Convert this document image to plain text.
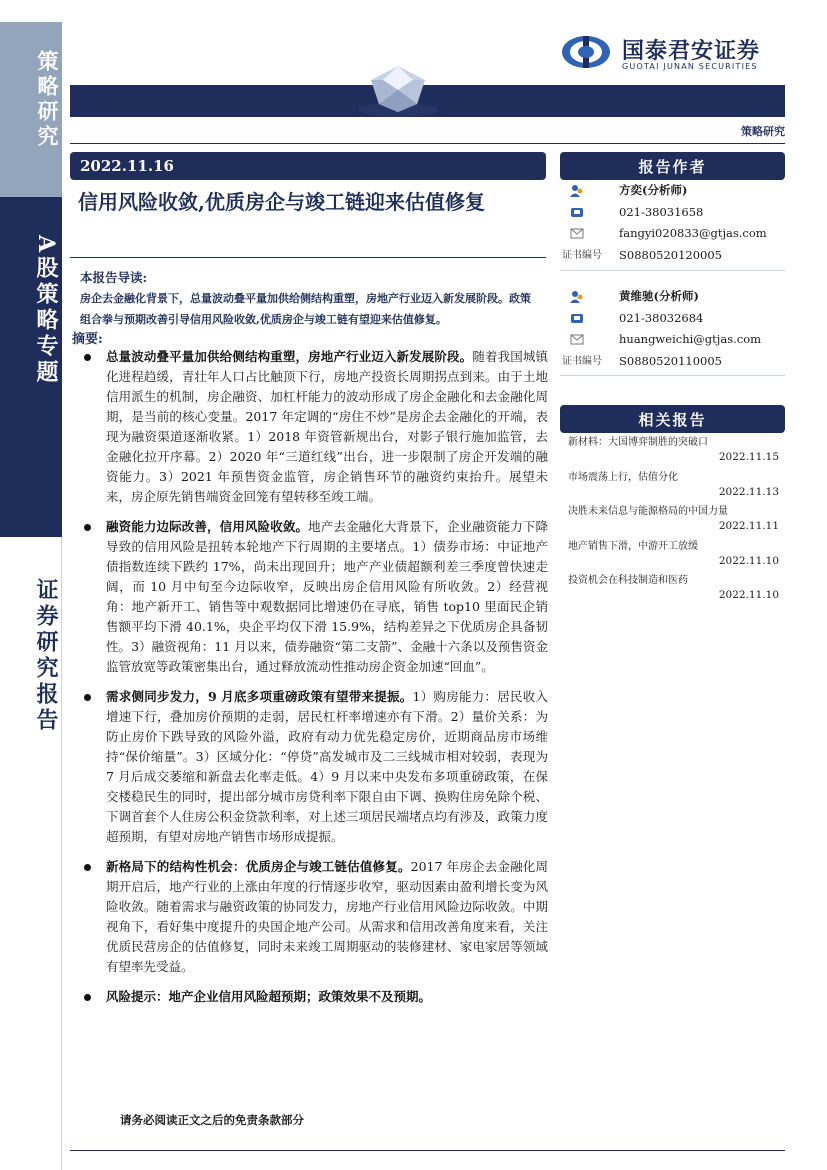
策略研究
A股策略专题
证券研究报告
国泰君安证券
GUOTAI JUNAN SECURITIES
策略研究
2022.11.16
信用风险收敛,优质房企与竣工链迎来估值修复
本报告导读:
房企去金融化背景下，总量波动叠平量加供给侧结构重塑，房地产行业迈入新发展阶段。政策组合拳与预期改善引导信用风险收敛,优质房企与竣工链有望迎来估值修复。
摘要:
总量波动叠平量加供给侧结构重塑，房地产行业迈入新发展阶段。随着我国城镇化进程趋缓，青壮年人口占比触顶下行，房地产投资长周期拐点到来。由于土地信用派生的机制，房企融资、加杠杆能力的波动形成了房企金融化和去金融化周期，是当前的核心变量。2017 年定调的“房住不炒”是房企去金融化的开端，表现为融资渠道逐渐收紧。1）2018 年资管新规出台，对影子银行施加监管，去金融化拉开序幕。2）2020 年“三道红线”出台，进一步限制了房企开发端的融资能力。3）2021 年预售资金监管，房企销售环节的融资约束抬升。展望未来，房企原先销售端资金回笼有望转移至竣工端。
融资能力边际改善，信用风险收敛。地产去金融化大背景下，企业融资能力下降导致的信用风险是扭转本轮地产下行周期的主要堵点。1）债券市场：中证地产债指数连续下跌约 17%，尚未出现回升；地产产业债超额利差三季度曾快速走阔，而 10 月中旬至今边际收窄，反映出房企信用风险有所收敛。2）经营视角：地产新开工、销售等中观数据同比增速仍在寻底，销售 top10 里面民企销售额平均下滑 40.1%，央企平均仅下滑 15.9%，结构差异之下优质房企具备韧性。3）融资视角：11 月以来，债券融资“第二支箭”、金融十六条以及预售资金监管放宽等政策密集出台，通过释放流动性推动房企资金加速“回血”。
需求侧同步发力，9 月底多项重磅政策有望带来提振。1）购房能力：居民收入增速下行，叠加房价预期的走弱，居民杠杆率增速亦有下滑。2）量价关系：为防止房价下跌导致的风险外溢，政府有动力优先稳定房价，近期商品房市场维持“保价缩量”。3）区域分化：“停贷”高发城市及二三线城市相对较弱，表现为 7 月后成交萎缩和新盘去化率走低。4）9 月以来中央发布多项重磅政策，在保交楼稳民生的同时，提出部分城市房贷利率下限自由下调、换购住房免除个税、下调首套个人住房公积金贷款利率，对上述三项居民端堵点均有涉及，政策力度超预期，有望对房地产销售市场形成提振。
新格局下的结构性机会：优质房企与竣工链估值修复。2017 年房企去金融化周期开启后，地产行业的上涨由年度的行情逐步收窄，驱动因素由盈利增长变为风险收敛。随着需求与融资政策的协同发力，房地产行业信用风险边际收敛。中期视角下，看好集中度提升的央国企地产公司。从需求和信用改善角度来看，关注优质民营房企的估值修复，同时未来竣工周期驱动的装修建材、家电家居等领域有望率先受益。
风险提示：地产企业信用风险超预期；政策效果不及预期。
请务必阅读正文之后的免责条款部分
报告作者
方奕(分析师)
021-38031658
fangyi020833@gtjas.com
证书编号 S0880520120005
黄维驰(分析师)
021-38032684
huangweichi@gtjas.com
证书编号 S0880520110005
相关报告
新材料：大国博弈制胜的突破口
2022.11.15
市场震荡上行，估值分化
2022.11.13
决胜未来信息与能源格局的中国力量
2022.11.11
地产销售下滑，中游开工放缓
2022.11.10
投资机会在科技制造和医药
2022.11.10
